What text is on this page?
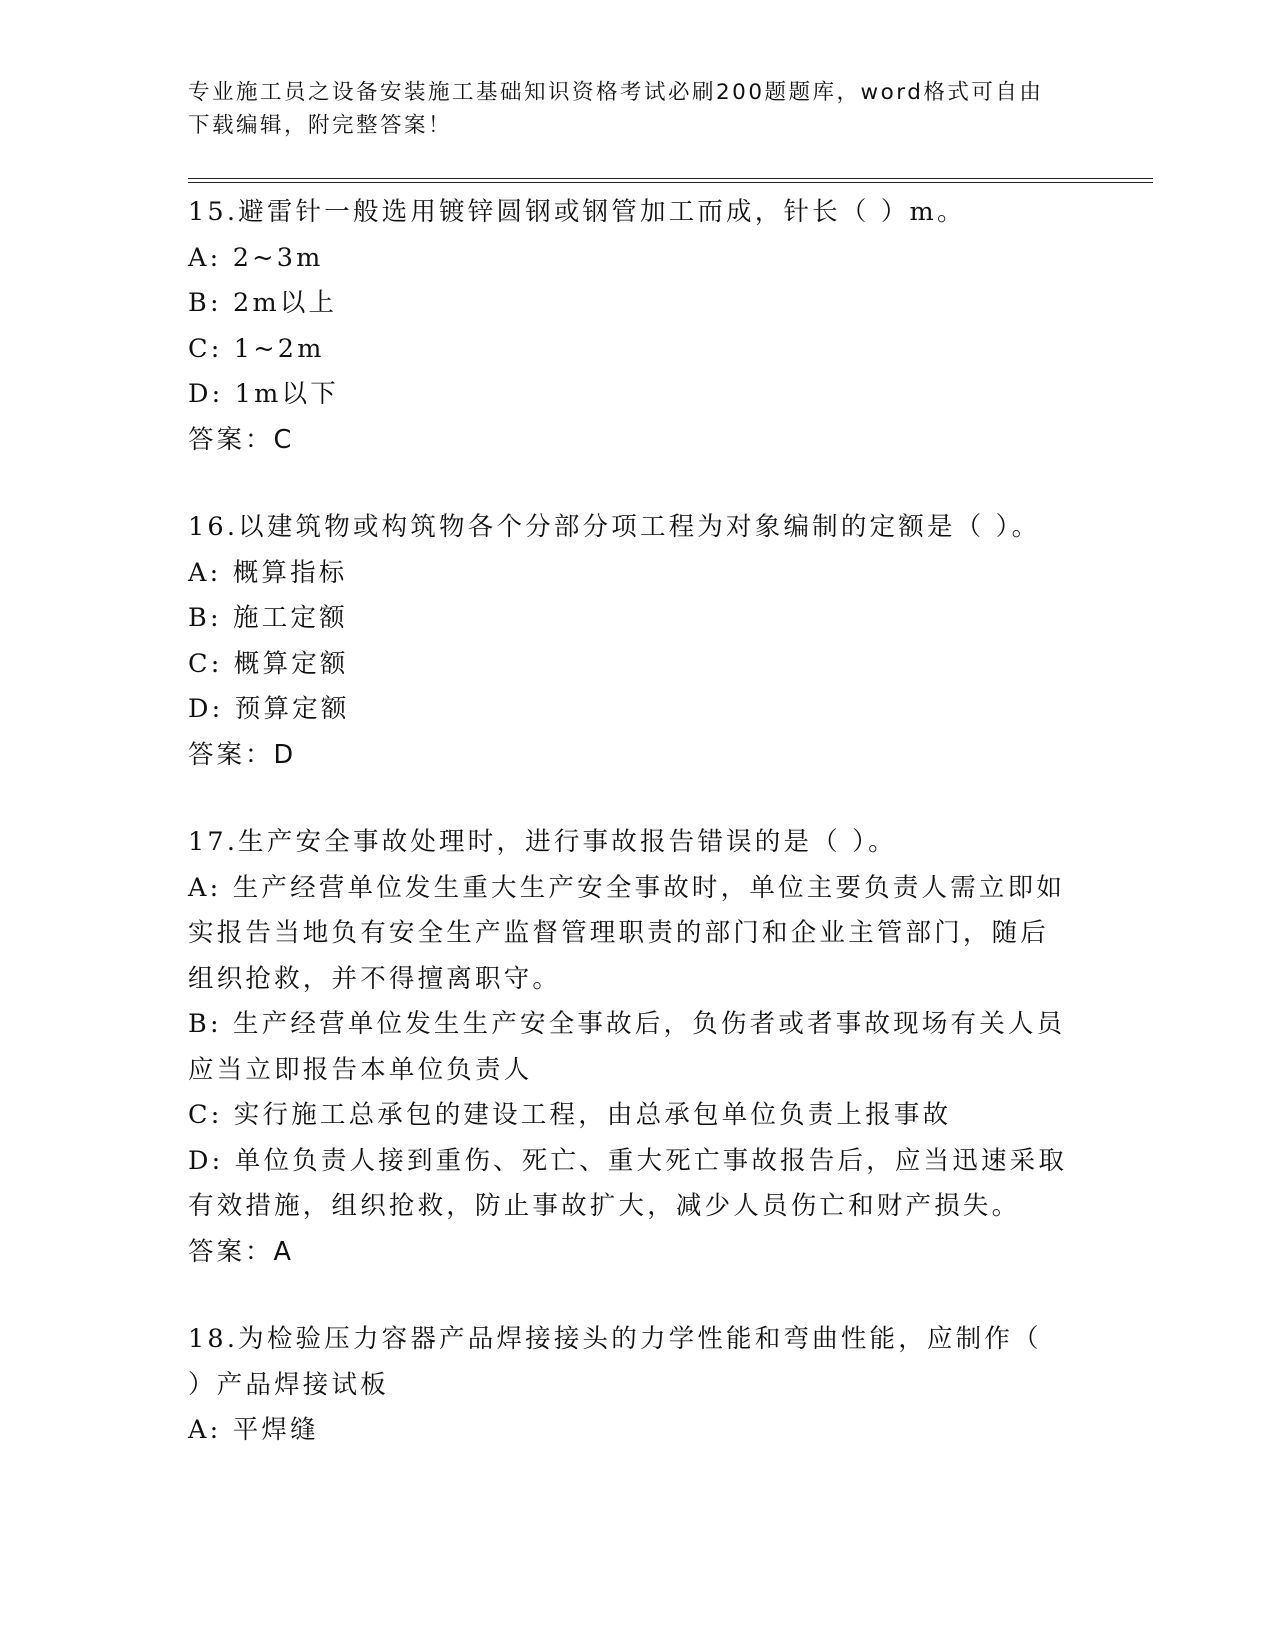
专业施工员之设备安装施工基础知识资格考试必刷200题题库，word格式可自由
下载编辑，附完整答案！
15.避雷针一般选用镀锌圆钢或钢管加工而成，针长（ ）m。
A: 2~3m
B: 2m以上
C: 1~2m
D: 1m以下
答案：C
16.以建筑物或构筑物各个分部分项工程为对象编制的定额是（ ）。
A: 概算指标
B: 施工定额
C: 概算定额
D: 预算定额
答案：D
17.生产安全事故处理时，进行事故报告错误的是（ ）。
A: 生产经营单位发生重大生产安全事故时，单位主要负责人需立即如
实报告当地负有安全生产监督管理职责的部门和企业主管部门，随后
组织抢救，并不得擅离职守。
B: 生产经营单位发生生产安全事故后，负伤者或者事故现场有关人员
应当立即报告本单位负责人
C: 实行施工总承包的建设工程，由总承包单位负责上报事故
D: 单位负责人接到重伤、死亡、重大死亡事故报告后，应当迅速采取
有效措施，组织抢救，防止事故扩大，减少人员伤亡和财产损失。
答案：A
18.为检验压力容器产品焊接接头的力学性能和弯曲性能，应制作（
）产品焊接试板
A: 平焊缝
